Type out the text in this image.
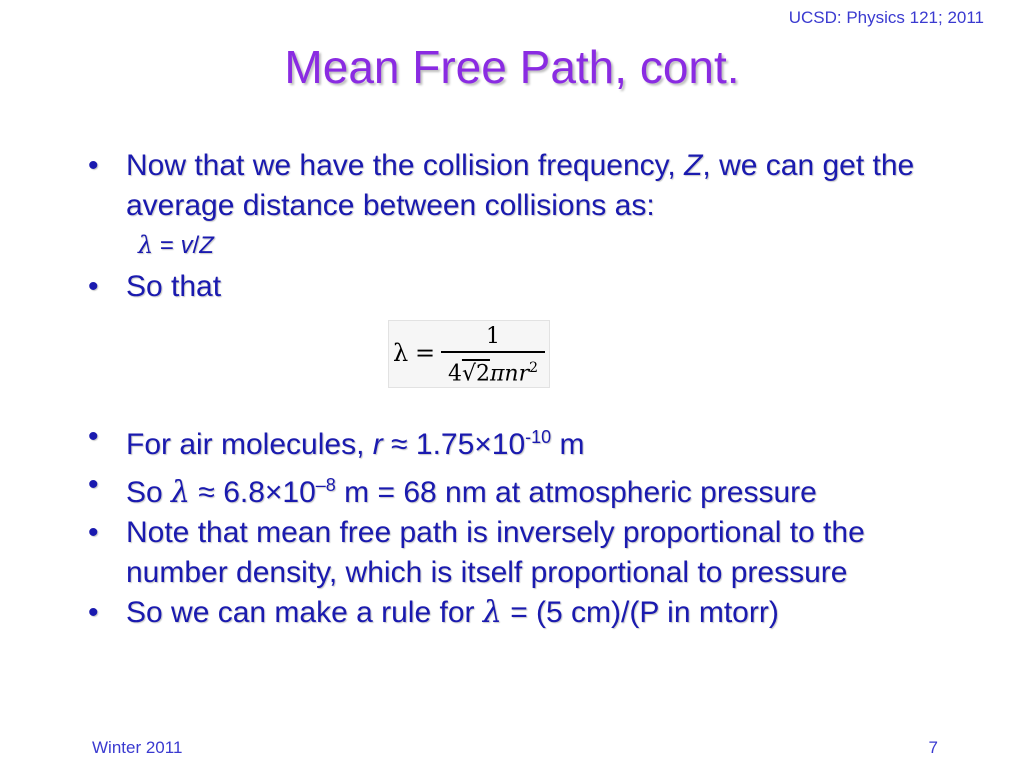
UCSD: Physics 121; 2011
Mean Free Path, cont.
• Now that we have the collision frequency, Z, we can get the average distance between collisions as:
λ = v/Z
• So that
• For air molecules, $r \approx 1.75\times 10^{-10}$ m
• So $\lambda \approx 6.8\times 10^{-8}$ m = 68 nm at atmospheric pressure
• Note that mean free path is inversely proportional to the number density, which is itself proportional to pressure
• So we can make a rule for λ = (5 cm)/(P in mtorr)
λ =
1
4√2πnr$^2$
Winter 2011	7
